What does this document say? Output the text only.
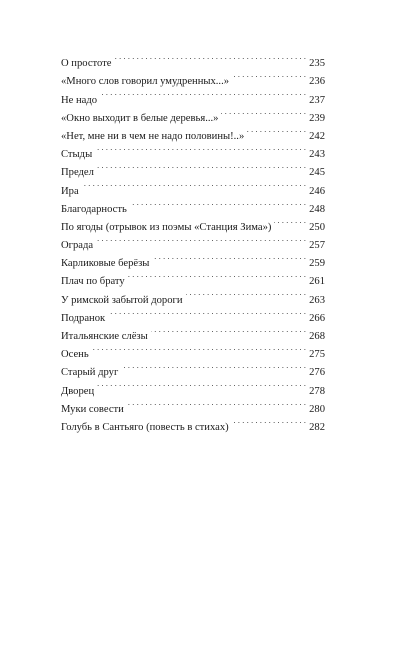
О простоте . . .	235
«Много слов говорил умудренных...» . . .	236
Не надо . . .	237
«Окно выходит в белые деревья...» . . .	239
«Нет, мне ни в чем не надо половины!..» . . .	242
Стыды . . .	243
Предел . . .	245
Ира . . .	246
Благодарность . . .	248
По ягоды (отрывок из поэмы «Станция Зима») . . .	250
Ограда . . .	257
Карликовые берёзы . . .	259
Плач по брату . . .	261
У римской забытой дороги . . .	263
Подранок . . .	266
Итальянские слёзы . . .	268
Осень . . .	275
Старый друг . . .	276
Дворец . . .	278
Муки совести . . .	280
Голубь в Сантьяго (повесть в стихах) . . .	282
